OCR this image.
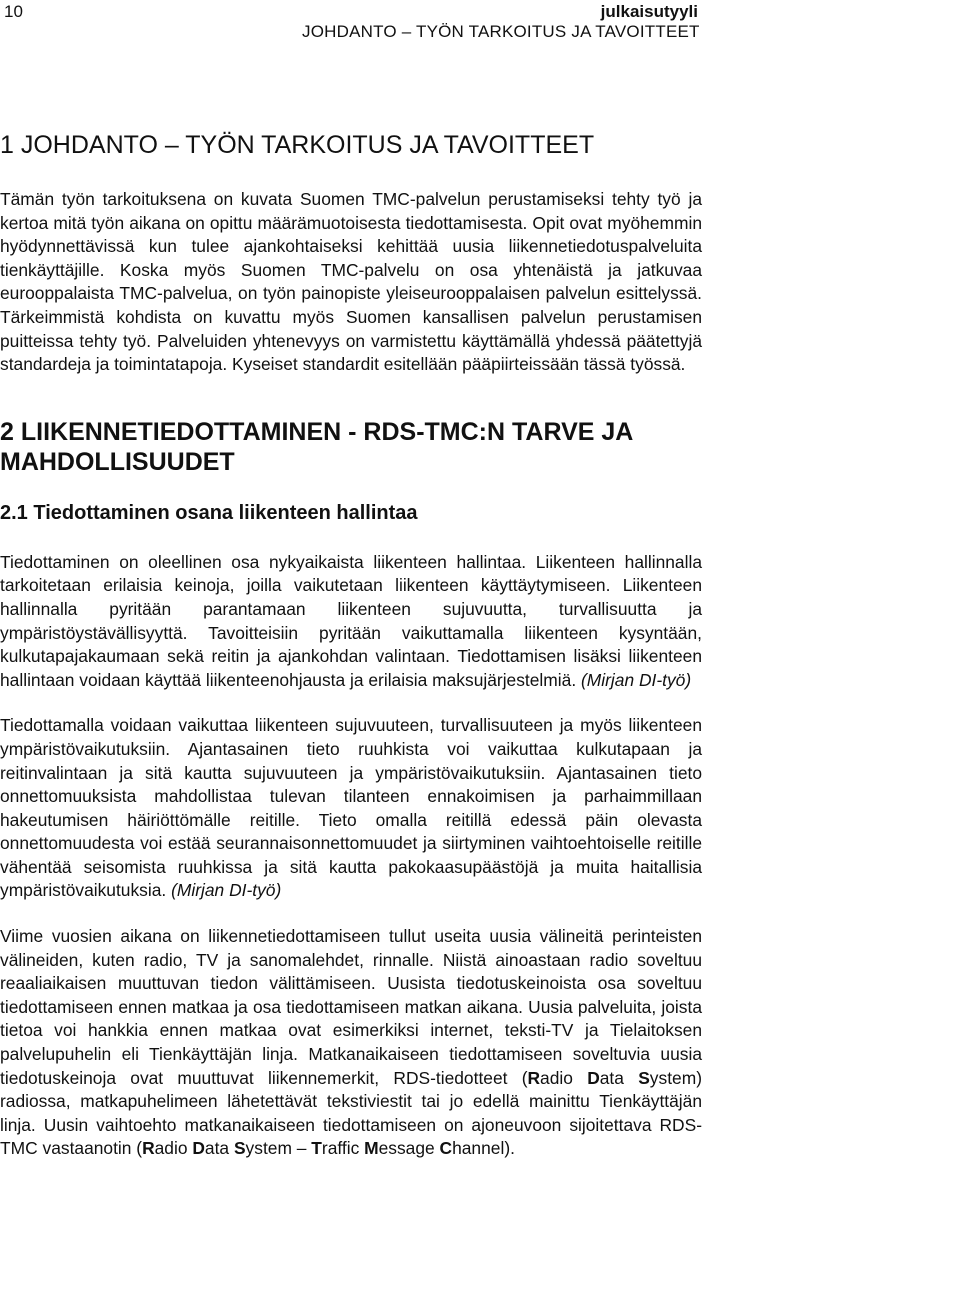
10	julkaisutyyli
JOHDANTO – TYÖN TARKOITUS JA TAVOITTEET
1 JOHDANTO – TYÖN TARKOITUS JA TAVOITTEET

Tämän työn tarkoituksena on kuvata Suomen TMC-palvelun perustamiseksi tehty työ ja kertoa mitä työn aikana on opittu määrämuotoisesta tiedottamisesta. Opit ovat myöhemmin hyödynnettävissä kun tulee ajankohtaiseksi kehittää uusia liikennetiedotuspalveluita tienkäyttäjille. Koska myös Suomen TMC-palvelu on osa yhtenäistä ja jatkuvaa eurooppalaista TMC-palvelua, on työn painopiste yleiseurooppalaisen palvelun esittelyssä. Tärkeimmistä kohdista on kuvattu myös Suomen kansallisen palvelun perustamisen puitteissa tehty työ. Palveluiden yhtenevyys on varmistettu käyttämällä yhdessä päätettyjä standardeja ja toimintatapoja. Kyseiset standardit esitellään pääpiirteissään tässä työssä.

2 LIIKENNETIEDOTTAMINEN - RDS-TMC:N TARVE JA MAHDOLLISUUDET
2.1 Tiedottaminen osana liikenteen hallintaa

Tiedottaminen on oleellinen osa nykyaikaista liikenteen hallintaa. Liikenteen hallinnalla tarkoitetaan erilaisia keinoja, joilla vaikutetaan liikenteen käyttäytymiseen. Liikenteen hallinnalla pyritään parantamaan liikenteen sujuvuutta, turvallisuutta ja ympäristöystävällisyyttä. Tavoitteisiin pyritään vaikuttamalla liikenteen kysyntään, kulkutapajakaumaan sekä reitin ja ajankohdan valintaan. Tiedottamisen lisäksi liikenteen hallintaan voidaan käyttää liikenteenohjausta ja erilaisia maksujärjestelmiä. (Mirjan DI-työ)

Tiedottamalla voidaan vaikuttaa liikenteen sujuvuuteen, turvallisuuteen ja myös liikenteen ympäristövaikutuksiin. Ajantasainen tieto ruuhkista voi vaikuttaa kulkutapaan ja reitinvalintaan ja sitä kautta sujuvuuteen ja ympäristövaikutuksiin. Ajantasainen tieto onnettomuuksista mahdollistaa tulevan tilanteen ennakoimisen ja parhaimmillaan hakeutumisen häiriöttömälle reitille. Tieto omalla reitillä edessä päin olevasta onnettomuudesta voi estää seurannaisonnettomuudet ja siirtyminen vaihtoehtoiselle reitille vähentää seisomista ruuhkissa ja sitä kautta pakokaasupäästöjä ja muita haitallisia ympäristövaikutuksia. (Mirjan DI-työ)

Viime vuosien aikana on liikennetiedottamiseen tullut useita uusia välineitä perinteisten välineiden, kuten radio, TV ja sanomalehdet, rinnalle. Niistä ainoastaan radio soveltuu reaaliaikaisen muuttuvan tiedon välittämiseen. Uusista tiedotuskeinoista osa soveltuu tiedottamiseen ennen matkaa ja osa tiedottamiseen matkan aikana. Uusia palveluita, joista tietoa voi hankkia ennen matkaa ovat esimerkiksi internet, teksti-TV ja Tielaitoksen palvelupuhelin eli Tienkäyttäjän linja. Matkanaikaiseen tiedottamiseen soveltuvia uusia tiedotuskeinoja ovat muuttuvat liikennemerkit, RDS-tiedotteet (Radio Data System) radiossa, matkapuhelimeen lähetettävät tekstiviestit tai jo edellä mainittu Tienkäyttäjän linja. Uusin vaihtoehto matkanaikaiseen tiedottamiseen on ajoneuvoon sijoitettava RDS-TMC vastaanotin (Radio Data System – Traffic Message Channel).
